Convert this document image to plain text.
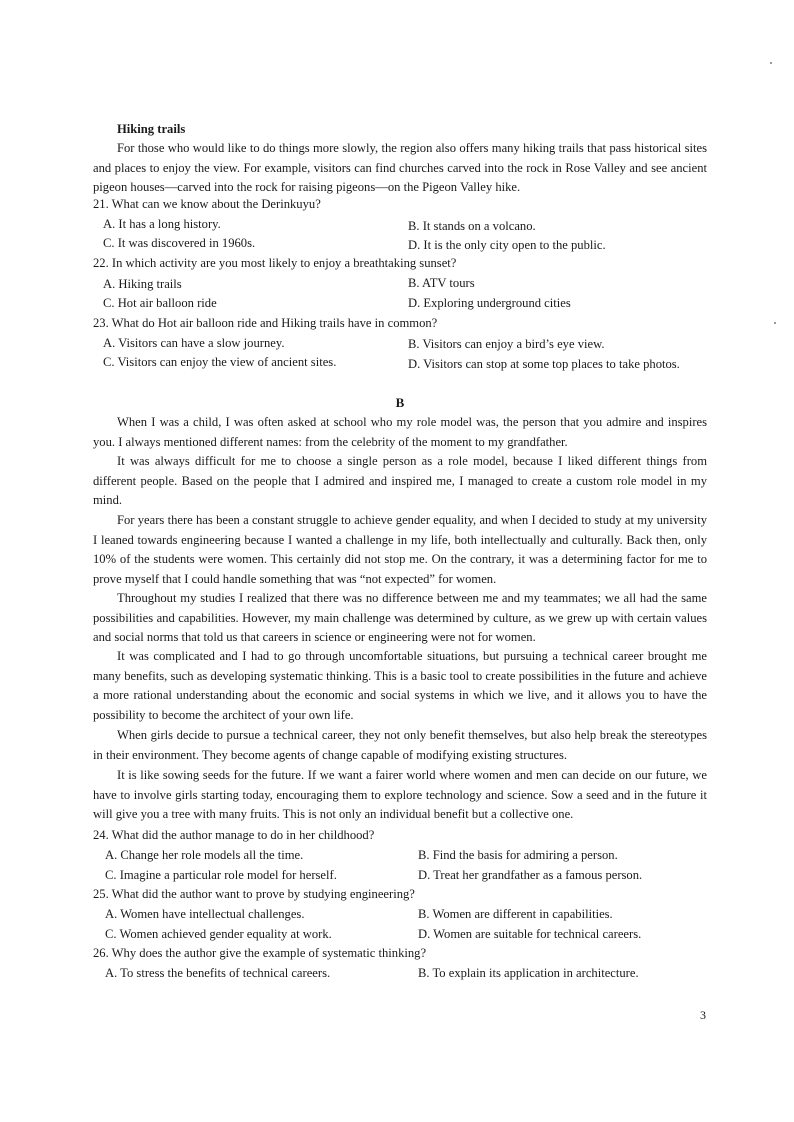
Hiking trails

For those who would like to do things more slowly, the region also offers many hiking trails that pass historical sites and places to enjoy the view. For example, visitors can find churches carved into the rock in Rose Valley and see ancient pigeon houses—carved into the rock for raising pigeons—on the Pigeon Valley hike.

21. What can we know about the Derinkuyu?
A. It has a long history.	B. It stands on a volcano.
C. It was discovered in 1960s.	D. It is the only city open to the public.
22. In which activity are you most likely to enjoy a breathtaking sunset?
A. Hiking trails	B. ATV tours
C. Hot air balloon ride	D. Exploring underground cities
23. What do Hot air balloon ride and Hiking trails have in common?
A. Visitors can have a slow journey.	B. Visitors can enjoy a bird’s eye view.
C. Visitors can enjoy the view of ancient sites.	D. Visitors can stop at some top places to take photos.
B

When I was a child, I was often asked at school who my role model was, the person that you admire and inspires you. I always mentioned different names: from the celebrity of the moment to my grandfather.

It was always difficult for me to choose a single person as a role model, because I liked different things from different people. Based on the people that I admired and inspired me, I managed to create a custom role model in my mind.

For years there has been a constant struggle to achieve gender equality, and when I decided to study at my university I leaned towards engineering because I wanted a challenge in my life, both intellectually and culturally. Back then, only 10% of the students were women. This certainly did not stop me. On the contrary, it was a determining factor for me to prove myself that I could handle something that was “not expected” for women.

Throughout my studies I realized that there was no difference between me and my teammates; we all had the same possibilities and capabilities. However, my main challenge was determined by culture, as we grew up with certain values and social norms that told us that careers in science or engineering were not for women.

It was complicated and I had to go through uncomfortable situations, but pursuing a technical career brought me many benefits, such as developing systematic thinking. This is a basic tool to create possibilities in the future and achieve a more rational understanding about the economic and social systems in which we live, and it allows you to have the possibility to become the architect of your own life.

When girls decide to pursue a technical career, they not only benefit themselves, but also help break the stereotypes in their environment. They become agents of change capable of modifying existing structures.

It is like sowing seeds for the future. If we want a fairer world where women and men can decide on our future, we have to involve girls starting today, encouraging them to explore technology and science. Sow a seed and in the future it will give you a tree with many fruits. This is not only an individual benefit but a collective one.

24. What did the author manage to do in her childhood?
A. Change her role models all the time.	B. Find the basis for admiring a person.
C. Imagine a particular role model for herself.	D. Treat her grandfather as a famous person.
25. What did the author want to prove by studying engineering?
A. Women have intellectual challenges.	B. Women are different in capabilities.
C. Women achieved gender equality at work.	D. Women are suitable for technical careers.
26. Why does the author give the example of systematic thinking?
A. To stress the benefits of technical careers.	B. To explain its application in architecture.
3
